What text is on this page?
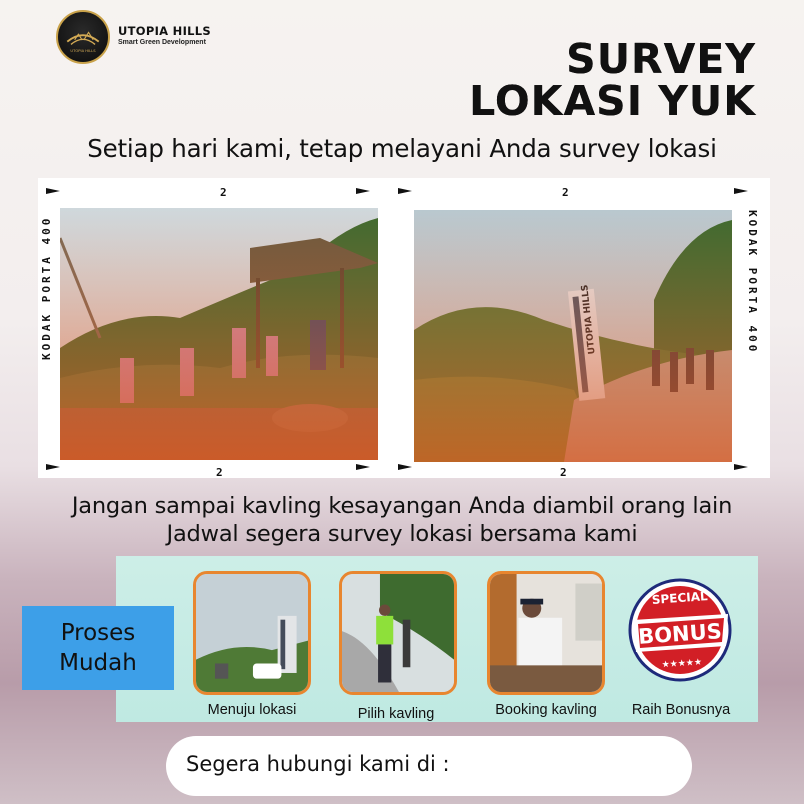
UTOPIA HILLS
UTOPIA HILLS
Smart Green Development	SURVEY
LOKASI YUK
Setiap hari kami, tetap melayani Anda survey lokasi
2
KODAK PORTA 400
2
2
KODAK PORTA 400
2
Jangan sampai kavling kesayangan Anda diambil orang lain
Jadwal segera survey lokasi bersama kami
Proses
Mudah
SPECIAL
BONUS
★★★★★
Menuju lokasi	Pilih kavling	Booking kavling	Raih Bonusnya
Segera hubungi kami di :
